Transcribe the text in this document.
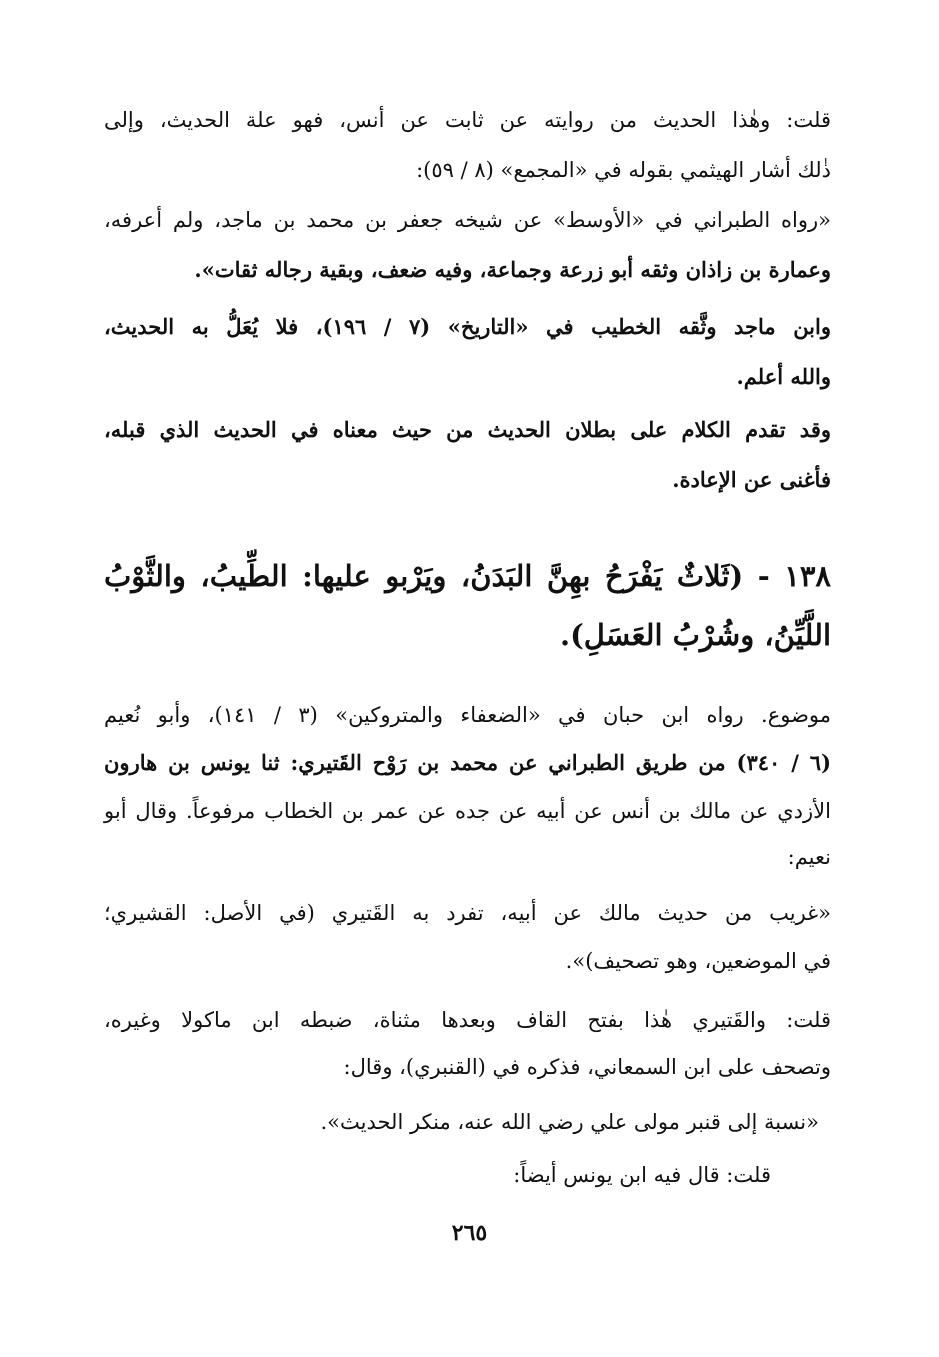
قلت: وهٰذا الحديث من روايته عن ثابت عن أنس، فهو علة الحديث، وإلى
ذٰلك أشار الهيثمي بقوله في «المجمع» (٨ / ٥٩):
«رواه الطبراني في «الأوسط» عن شيخه جعفر بن محمد بن ماجد، ولم أعرفه،
وعمارة بن زاذان وثقه أبو زرعة وجماعة، وفيه ضعف، وبقية رجاله ثقات».
وابن ماجد وثَّقه الخطيب في «التاريخ» (٧ / ١٩٦)، فلا يُعَلُّ به الحديث،
والله أعلم.
وقد تقدم الكلام على بطلان الحديث من حيث معناه في الحديث الذي قبله،
فأغنى عن الإعادة.
١٣٨ - (ثَلاثٌ يَفْرَحُ بهِنَّ البَدَنُ، ويَرْبو عليها: الطِّيبُ، والثَّوْبُ
اللَّيِّنُ، وشُرْبُ العَسَلِ).
موضوع. رواه ابن حبان في «الضعفاء والمتروكين» (٣ / ١٤١)، وأبو نُعيم
(٦ / ٣٤٠) من طريق الطبراني عن محمد بن رَوْح القَتيري: ثنا يونس بن هارون
الأزدي عن مالك بن أنس عن أبيه عن جده عن عمر بن الخطاب مرفوعاً. وقال أبو
نعيم:
«غريب من حديث مالك عن أبيه، تفرد به القَتيري (في الأصل: القشيري؛
في الموضعين، وهو تصحيف)».
قلت: والقَتيري هٰذا بفتح القاف وبعدها مثناة، ضبطه ابن ماكولا وغيره،
وتصحف على ابن السمعاني، فذكره في (القنبري)، وقال:
«نسبة إلى قنبر مولى علي رضي الله عنه، منكر الحديث».
قلت: قال فيه ابن يونس أيضاً:
٢٦٥
